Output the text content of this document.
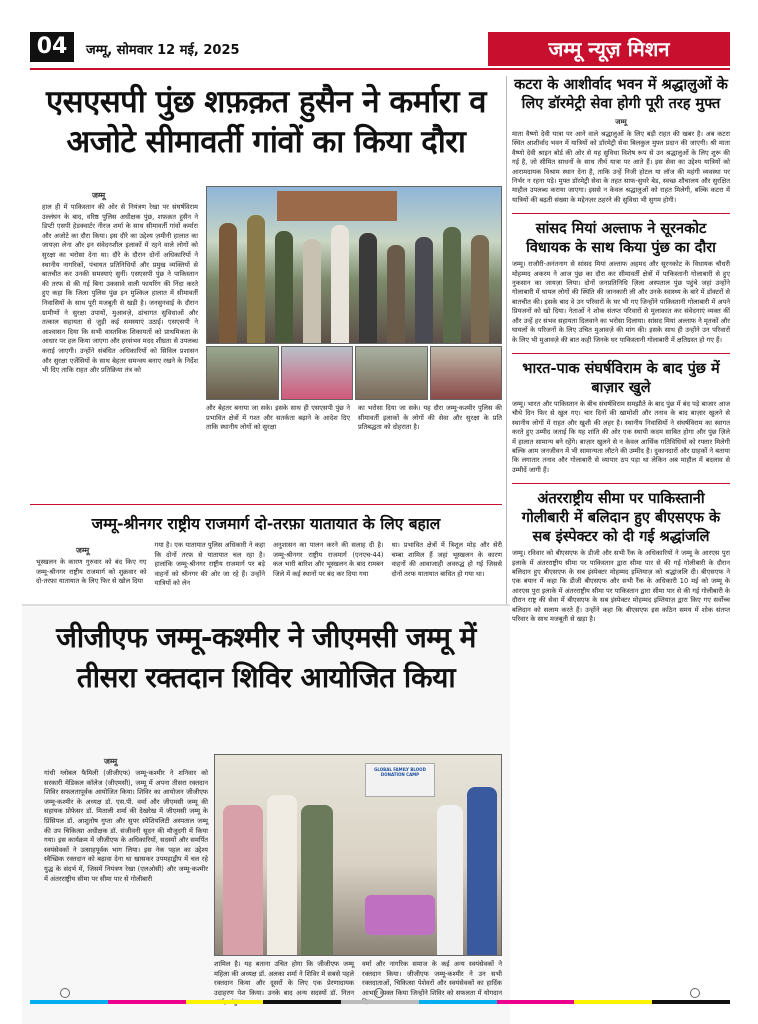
04	जम्मू, सोमवार 12 मई, 2025	जम्मू न्यूज़ मिशन
एसएसपी पुंछ शफ़क़त हुसैन ने कर्मारा व अजोटे सीमावर्ती गांवों का किया दौरा
जम्मू

हाल ही में पाकिस्तान की ओर से नियंत्रण रेखा पर संघर्षविराम उल्लंघन के बाद, वरिष्ठ पुलिस अधीक्षक पुंछ, शफ़क़त हुसैन ने डिप्टी एसपी हेडक्वार्टर नीरज शर्मा के साथ सीमावर्ती गांवों कर्मारा और अजोटे का दौरा किया। इस दौरे का उद्देश्य ज़मीनी हालात का जायज़ा लेना और इन संवेदनशील इलाकों में रहने वाले लोगों को सुरक्षा का भरोसा देना था। दौरे के दौरान दोनों अधिकारियों ने स्थानीय नागरिकों, पंचायत प्रतिनिधियों और प्रमुख व्यक्तियों से बातचीत कर उनकी समस्याएं सुनीं। एसएसपी पुंछ ने पाकिस्तान की तरफ से की गई बिना उकसावे वाली फायरिंग की निंदा करते हुए कहा कि जिला पुलिस पुंछ इन मुश्किल हालात में सीमावर्ती निवासियों के साथ पूरी मजबूती से खड़ी है। जनसुनवाई के दौरान ग्रामीणों ने सुरक्षा उपायों, मुआवज़े, ढांचागत सुविधाओं और तत्काल सहायता से जुड़ी कई समस्याएं उठाईं। एसएसपी ने आश्वासन दिया कि सभी वास्तविक शिकायतों को प्राथमिकता के आधार पर हल किया जाएगा और हरसंभव मदद शीघ्रता से उपलब्ध कराई जाएगी। उन्होंने संबंधित अधिकारियों को सिविल प्रशासन और सुरक्षा एजेंसियों के साथ बेहतर समन्वय बनाए रखने के निर्देश भी दिए ताकि राहत और प्रतिक्रिया तंत्र को

और बेहतर बनाया जा सके। इसके साथ ही एसएसपी पुंछ ने प्रभावित क्षेत्रों में गश्त और सतर्कता बढ़ाने के आदेश दिए ताकि स्थानीय लोगों को सुरक्षा

का भरोसा दिया जा सके। यह दौरा जम्मू-कश्मीर पुलिस की सीमावर्ती इलाकों के लोगों की सेवा और सुरक्षा के प्रति प्रतिबद्धता को दोहराता है।

जम्मू-श्रीनगर राष्ट्रीय राजमार्ग दो-तरफ़ा यातायात के लिए बहाल
जम्मू

भूस्खलन के कारण गुरुवार को बंद किए गए जम्मू-श्रीनगर राष्ट्रीय राजमार्ग को शुक्रवार को दो-तरफ़ा यातायात के लिए फिर से खोल दिया

गया है। एक यातायात पुलिस अधिकारी ने कहा कि दोनों तरफ़ से यातायात चल रहा है। हालांकि जम्मू-श्रीनगर राष्ट्रीय राजमार्ग पर बड़े वाहनों को श्रीनगर की ओर जा रहे हैं। उन्होंने यात्रियों को लेन

अनुशासन का पालन करने की सलाह दी है। जम्मू-श्रीनगर राष्ट्रीय राजमार्ग (एनएच-44) कल भारी बारिश और भूस्खलन के बाद रामबन जिले में कई स्थानों पर बंद कर दिया गया

था। प्रभावित क्षेत्रों में त्रिशूल मोड़ और सेरी चम्बा शामिल हैं जहां भूस्खलन के कारण वाहनों की आवाजाही अवरुद्ध हो गई जिससे दोनों तरफ यातायात बाधित हो गया था।

जीजीएफ जम्मू-कश्मीर ने जीएमसी जम्मू में तीसरा रक्तदान शिविर आयोजित किया
जम्मू

गांधी ग्लोबल फैमिली (जीजीएफ) जम्मू-कश्मीर ने शनिवार को सरकारी मेडिकल कॉलेज (जीएमसी), जम्मू में अपना तीसरा रक्तदान शिविर सफलतापूर्वक आयोजित किया। शिविर का आयोजन जीजीएफ जम्मू-कश्मीर के अध्यक्ष डॉ. एस.पी. वर्मा और जीएमसी जम्मू की सहायक प्रोफेसर डॉ. मिताली शर्मा की देखरेख में जीएमसी जम्मू के प्रिंसिपल डॉ. आशुतोष गुप्ता और सुपर स्पेशियलिटी अस्पताल जम्मू की उप चिकित्सा अधीक्षक डॉ. संजीवनी सूदन की मौजूदगी में किया गया। इस कार्यक्रम में जीजीएफ के अधिकारियों, सदस्यों और समर्पित स्वयंसेवकों ने उत्साहपूर्वक भाग लिया। इस नेक पहल का उद्देश्य स्वैच्छिक रक्तदान को बढ़ावा देना था खासकर उपमहाद्वीप में चल रहे युद्ध के संदर्भ में, जिसमें नियंत्रण रेखा (एलओसी) और जम्मू-कश्मीर में अंतरराष्ट्रीय सीमा पर सीमा पार से गोलीबारी

GLOBAL FAMILY BLOOD DONATION CAMP

शामिल है। यह बताना उचित होगा कि जीजीएफ जम्मू महिला की अध्यक्ष डॉ. अलका शर्मा ने शिविर में सबसे पहले रक्तदान किया और दूसरों के लिए एक प्रेरणादायक उदाहरण पेश किया। उनके बाद अन्य सदस्यों डॉ. नितन

वर्मा और नागरिक समाज के कई अन्य स्वयंसेवकों ने रक्तदान किया। जीजीएफ जम्मू-कश्मीर ने उन सभी रक्तदाताओं, चिकित्सा पेशेवरों और स्वयंसेवकों का हार्दिक आभार व्यक्त किया जिन्होंने शिविर को सफलता में योगदान

कटरा के आशीर्वाद भवन में श्रद्धालुओं के लिए डॉरमेट्री सेवा होगी पूरी तरह मुफ्त
जम्मू

माता वैष्णो देवी यात्रा पर आने वाले श्रद्धालुओं के लिए बड़ी राहत की खबर है। अब कटरा स्थित आशीर्वाद भवन में यात्रियों को डॉरमेट्री सेवा बिलकुल मुफ्त प्रदान की जाएगी। श्री माता वैष्णो देवी श्राइन बोर्ड की ओर से यह सुविधा विशेष रूप से उन श्रद्धालुओं के लिए शुरू की गई है, जो सीमित साधनों के साथ तीर्थ यात्रा पर आते हैं। इस सेवा का उद्देश्य यात्रियों को आरामदायक विश्राम स्थान देना है, ताकि उन्हें निजी होटल या लॉज की महंगी व्यवस्था पर निर्भर न रहना पड़े। मुफ्त डॉरमेट्री सेवा के तहत साफ-सुथरे बेड, स्वच्छ शौचालय और सुरक्षित माहौल उपलब्ध कराया जाएगा। इससे न केवल श्रद्धालुओं को राहत मिलेगी, बल्कि कटरा में यात्रियों की बढ़ती संख्या के मद्देनज़र ठहरने की सुविधा भी सुगम होगी।

सांसद मियां अल्ताफ ने सूरनकोट विधायक के साथ किया पुंछ का दौरा

जम्मू। राजौरी-अनंतनाग से सांसद मियां अल्ताफ अहमद और सूरनकोट के विधायक चौधरी मोहम्मद अकरम ने आज पुंछ का दौरा कर सीमावर्ती क्षेत्रों में पाकिस्तानी गोलाबारी से हुए नुकसान का जायज़ा लिया। दोनों जनप्रतिनिधि ज़िला अस्पताल पुंछ पहुंचे जहां उन्होंने गोलाबारी में घायल लोगों की स्थिति की जानकारी ली और उनके स्वास्थ्य के बारे में डॉक्टरों से बातचीत की। इसके बाद वे उन परिवारों के घर भी गए जिन्होंने पाकिस्तानी गोलाबारी में अपने प्रियजनों को खो दिया। नेताओं ने शोक संतप्त परिवारों से मुलाकात कर संवेदनाएं व्यक्त कीं और उन्हें हर संभव सहायता दिलवाने का भरोसा दिलाया। सांसद मियां अल्ताफ ने मृतकों और घायलों के परिजनों के लिए उचित मुआवज़े की मांग की। इसके साथ ही उन्होंने उन परिवारों के लिए भी मुआवज़े की बात कही जिनके घर पाकिस्तानी गोलाबारी में क्षतिग्रस्त हो गए हैं।

भारत-पाक संघर्षविराम के बाद पुंछ में बाज़ार खुले

जम्मू। भारत और पाकिस्तान के बीच संघर्षविराम समझौते के बाद पुंछ में बंद पड़े बाजार आज चौथे दिन फिर से खुल गए। चार दिनों की खामोशी और तनाव के बाद बाज़ार खुलने से स्थानीय लोगों में राहत और खुशी की लहर है। स्थानीय निवासियों ने संघर्षविराम का स्वागत करते हुए उम्मीद जताई कि यह शांति की ओर एक स्थायी कदम साबित होगा और पुंछ ज़िले में हालात सामान्य बने रहेंगे। बाज़ार खुलने से न केवल आर्थिक गतिविधियों को रफ्तार मिलेगी बल्कि आम जनजीवन में भी सामान्यता लौटने की उम्मीद है। दुकानदारों और ग्राहकों ने बताया कि लगातार तनाव और गोलाबारी से व्यापार ठप पड़ा था लेकिन अब माहौल में बदलाव से उम्मीदें जागी हैं।

अंतरराष्ट्रीय सीमा पर पाकिस्तानी गोलीबारी में बलिदान हुए बीएसएफ के सब इंस्पेक्टर को दी गई श्रद्धांजलि

जम्मू। रविवार को बीएसएफ के डीजी और सभी रैंक के अधिकारियों ने जम्मू के आरएस पुरा इलाके में अंतरराष्ट्रीय सीमा पर पाकिस्तान द्वारा सीमा पार से की गई गोलीबारी के दौरान बलिदान हुए बीएसएफ के सब इंस्पेक्टर मोहम्मद इम्तियाज़ को श्रद्धांजलि दी। बीएसएफ ने एक बयान में कहा कि डीजी बीएसएफ और सभी रैंक के अधिकारी 10 मई को जम्मू के आरएस पुरा इलाके में अंतरराष्ट्रीय सीमा पर पाकिस्तान द्वारा सीमा पार से की गई गोलीबारी के दौरान राष्ट्र की सेवा में बीएसएफ के सब इंस्पेक्टर मोहम्मद इम्तियाज़ द्वारा किए गए सर्वोच्च बलिदान को सलाम करते हैं। उन्होंने कहा कि बीएसएफ इस कठिन समय में शोक संतप्त परिवार के साथ मजबूती से खड़ा है।
